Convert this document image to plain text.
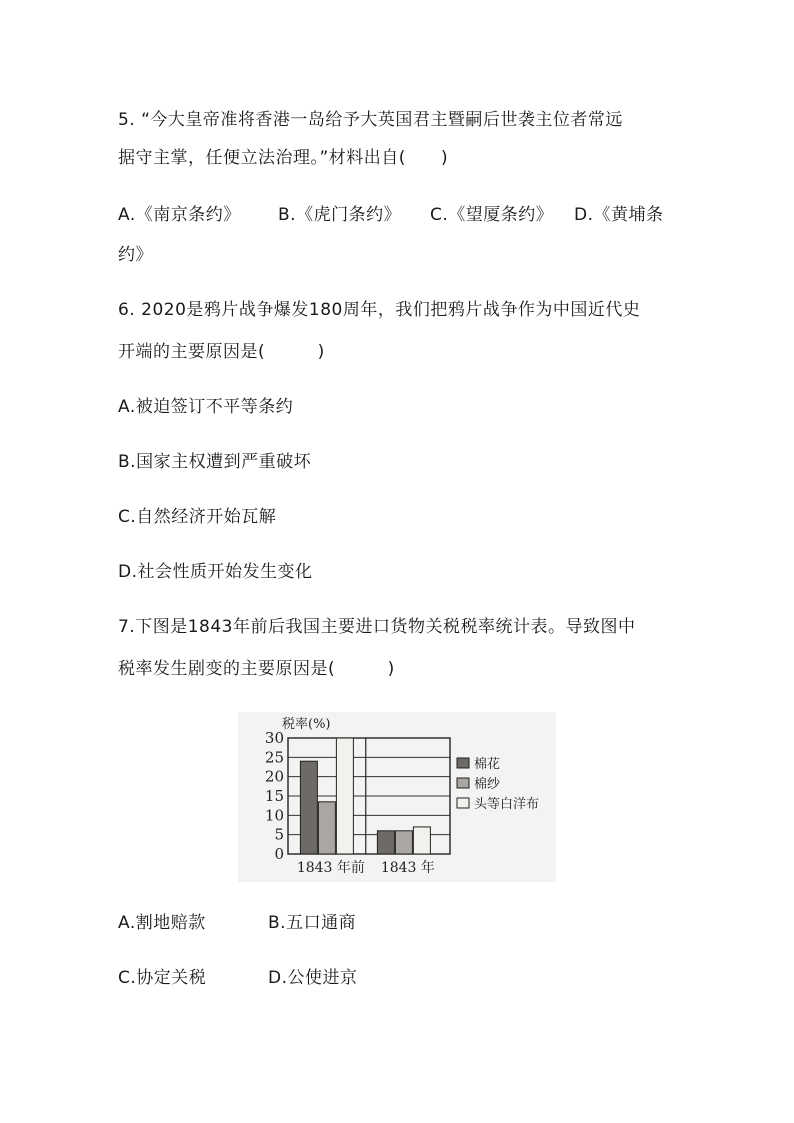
5. “今大皇帝准将香港一岛给予大英国君主暨嗣后世袭主位者常远
据守主掌，任便立法治理。”材料出自(　　)
A.《南京条约》 B.《虎门条约》 C.《望厦条约》 D.《黄埔条
约》
6. 2020是鸦片战争爆发180周年，我们把鸦片战争作为中国近代史
开端的主要原因是(　　　)
A.被迫签订不平等条约
B.国家主权遭到严重破坏
C.自然经济开始瓦解
D.社会性质开始发生变化
7.下图是1843年前后我国主要进口货物关税税率统计表。导致图中
税率发生剧变的主要原因是(　　　)
税率(%)
0
5
10
15
20
25
30
1843 年前 1843 年
棉花
棉纱
头等白洋布
A.割地赔款	B.五口通商
C.协定关税	D.公使进京
